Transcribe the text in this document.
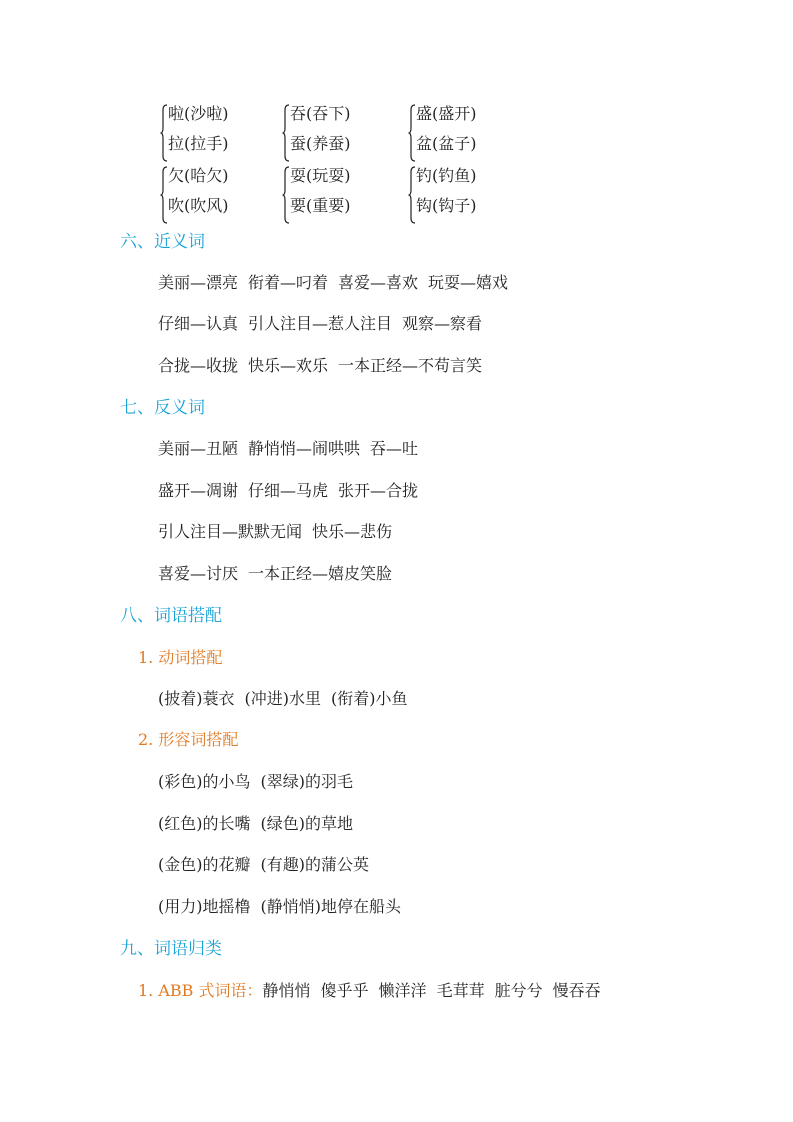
啦(沙啦)
拉(拉手)
吞(吞下)
蚕(养蚕)
盛(盛开)
盆(盆子)
欠(哈欠)
吹(吹风)
耍(玩耍)
要(重要)
钓(钓鱼)
钩(钩子)
六、近义词
美丽—漂亮 衔着—叼着 喜爱—喜欢 玩耍—嬉戏
仔细—认真 引人注目—惹人注目 观察—察看
合拢—收拢 快乐—欢乐 一本正经—不苟言笑
七、反义词
美丽—丑陋 静悄悄—闹哄哄 吞—吐
盛开—凋谢 仔细—马虎 张开—合拢
引人注目—默默无闻 快乐—悲伤
喜爱—讨厌 一本正经—嬉皮笑脸
八、词语搭配
1. 动词搭配
(披着)蓑衣 (冲进)水里 (衔着)小鱼
2. 形容词搭配
(彩色)的小鸟 (翠绿)的羽毛
(红色)的长嘴 (绿色)的草地
(金色)的花瓣 (有趣)的蒲公英
(用力)地摇橹 (静悄悄)地停在船头
九、词语归类
1. ABB 式词语：静悄悄 傻乎乎 懒洋洋 毛茸茸 脏兮兮 慢吞吞
